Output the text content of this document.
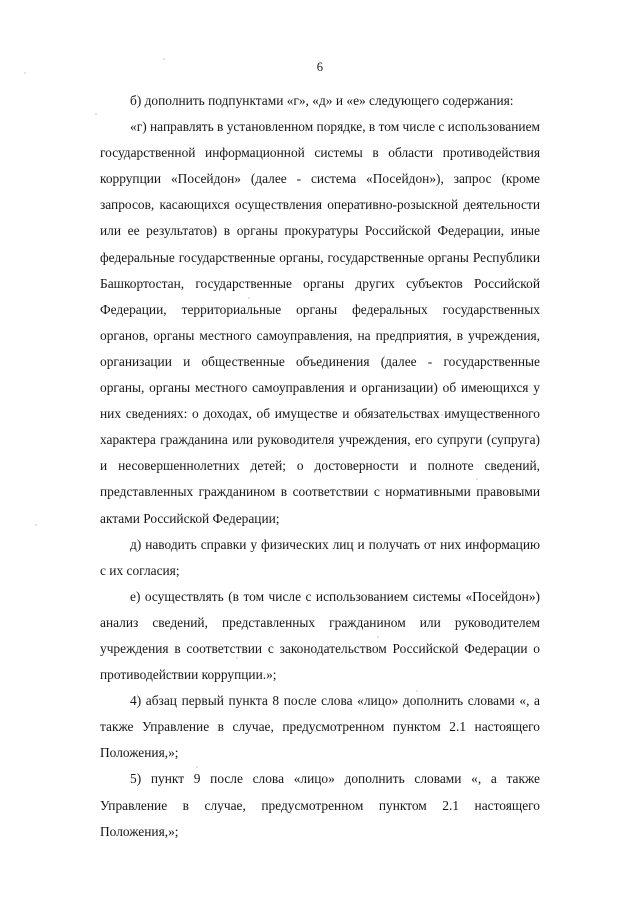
6

б) дополнить подпунктами «г», «д» и «е» следующего содержания:

«г) направлять в установленном порядке, в том числе с использованием государственной информационной системы в области противодействия коррупции «Посейдон» (далее - система «Посейдон»), запрос (кроме запросов, касающихся осуществления оперативно-розыскной деятельности или ее результатов) в органы прокуратуры Российской Федерации, иные федеральные государственные органы, государственные органы Республики Башкортостан, государственные органы других субъектов Российской Федерации, территориальные органы федеральных государственных органов, органы местного самоуправления, на предприятия, в учреждения, организации и общественные объединения (далее - государственные органы, органы местного самоуправления и организации) об имеющихся у них сведениях: о доходах, об имуществе и обязательствах имущественного характера гражданина или руководителя учреждения, его супруги (супруга) и несовершеннолетних детей; о достоверности и полноте сведений, представленных гражданином в соответствии с нормативными правовыми актами Российской Федерации;

д) наводить справки у физических лиц и получать от них информацию с их согласия;

е) осуществлять (в том числе с использованием системы «Посейдон») анализ сведений, представленных гражданином или руководителем учреждения в соответствии с законодательством Российской Федерации о противодействии коррупции.»;

4) абзац первый пункта 8 после слова «лицо» дополнить словами «, а также Управление в случае, предусмотренном пунктом 2.1 настоящего Положения,»;

5) пункт 9 после слова «лицо» дополнить словами «, а также Управление в случае, предусмотренном пунктом 2.1 настоящего Положения,»;
